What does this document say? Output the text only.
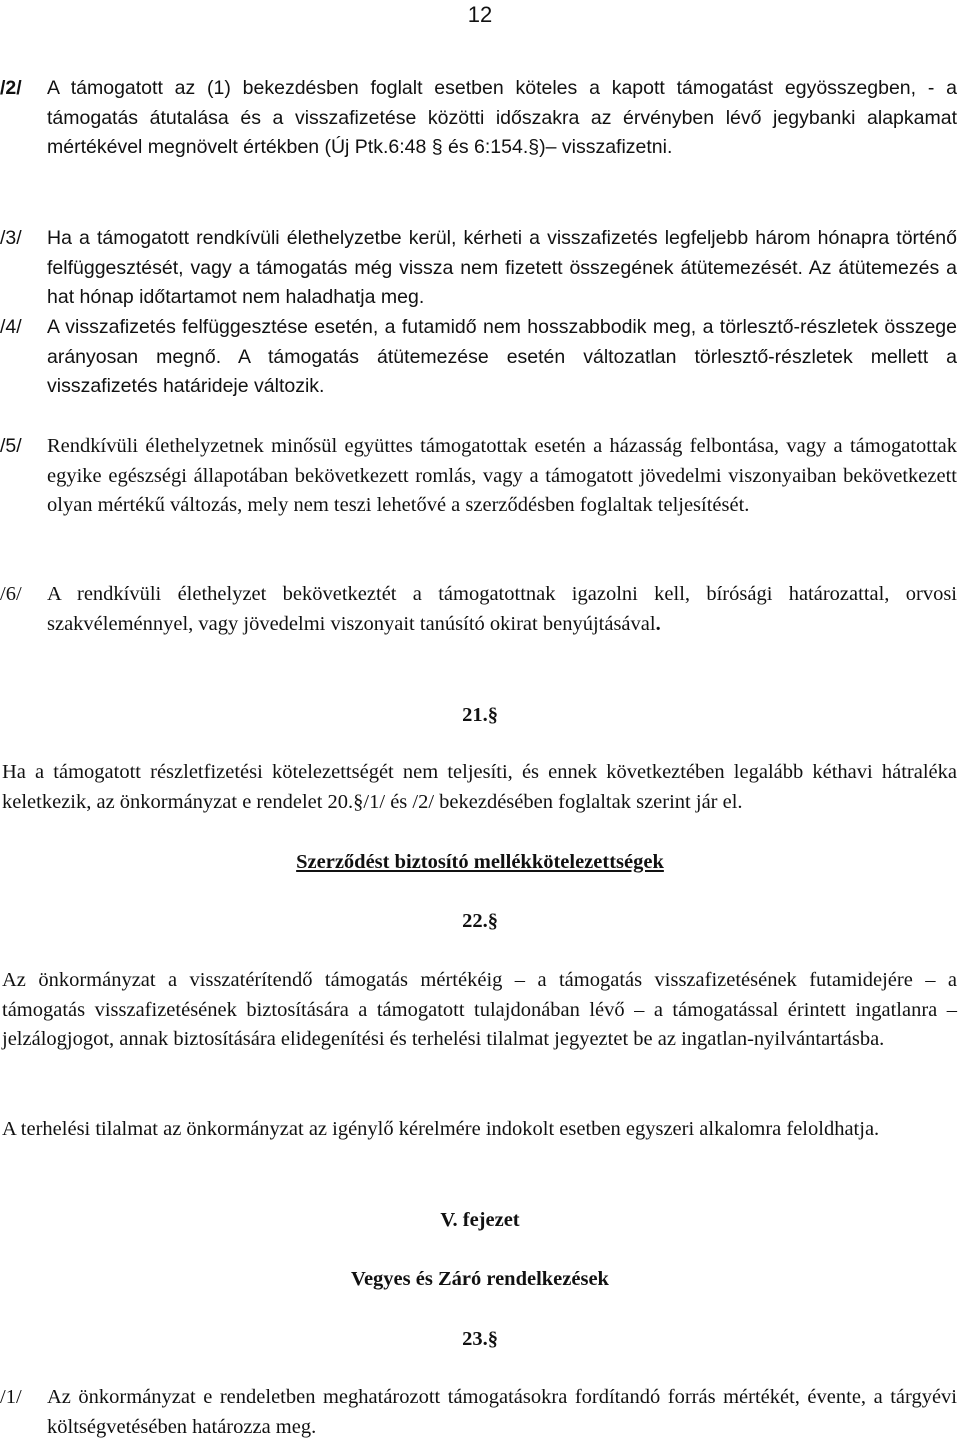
12
/2/ A támogatott az (1) bekezdésben foglalt esetben köteles a kapott támogatást egyösszegben, - a támogatás átutalása és a visszafizetése közötti időszakra az érvényben lévő jegybanki alapkamat mértékével megnövelt értékben (Új Ptk.6:48 § és 6:154.§)– visszafizetni.

/3/ Ha a támogatott rendkívüli élethelyzetbe kerül, kérheti a visszafizetés legfeljebb három hónapra történő felfüggesztését, vagy a támogatás még vissza nem fizetett összegének átütemezését. Az átütemezés a hat hónap időtartamot nem haladhatja meg.

/4/ A visszafizetés felfüggesztése esetén, a futamidő nem hosszabbodik meg, a törlesztő-részletek összege arányosan megnő. A támogatás átütemezése esetén változatlan törlesztő-részletek mellett a visszafizetés határideje változik.

/5/ Rendkívüli élethelyzetnek minősül együttes támogatottak esetén a házasság felbontása, vagy a támogatottak egyike egészségi állapotában bekövetkezett romlás, vagy a támogatott jövedelmi viszonyaiban bekövetkezett olyan mértékű változás, mely nem teszi lehetővé a szerződésben foglaltak teljesítését.

/6/ A rendkívüli élethelyzet bekövetkeztét a támogatottnak igazolni kell, bírósági határozattal, orvosi szakvéleménnyel, vagy jövedelmi viszonyait tanúsító okirat benyújtásával.

21.§

Ha a támogatott részletfizetési kötelezettségét nem teljesíti, és ennek következtében legalább kéthavi hátraléka keletkezik, az önkormányzat e rendelet 20.§/1/ és /2/ bekezdésében foglaltak szerint jár el.

Szerződést biztosító mellékkötelezettségek

22.§

Az önkormányzat a visszatérítendő támogatás mértékéig – a támogatás visszafizetésének futamidejére – a támogatás visszafizetésének biztosítására a támogatott tulajdonában lévő – a támogatással érintett ingatlanra – jelzálogjogot, annak biztosítására elidegenítési és terhelési tilalmat jegyeztet be az ingatlan-nyilvántartásba.

A terhelési tilalmat az önkormányzat az igénylő kérelmére indokolt esetben egyszeri alkalomra feloldhatja.

V. fejezet

Vegyes és Záró rendelkezések

23.§

/1/ Az önkormányzat e rendeletben meghatározott támogatásokra fordítandó forrás mértékét, évente, a tárgyévi költségvetésében határozza meg.
